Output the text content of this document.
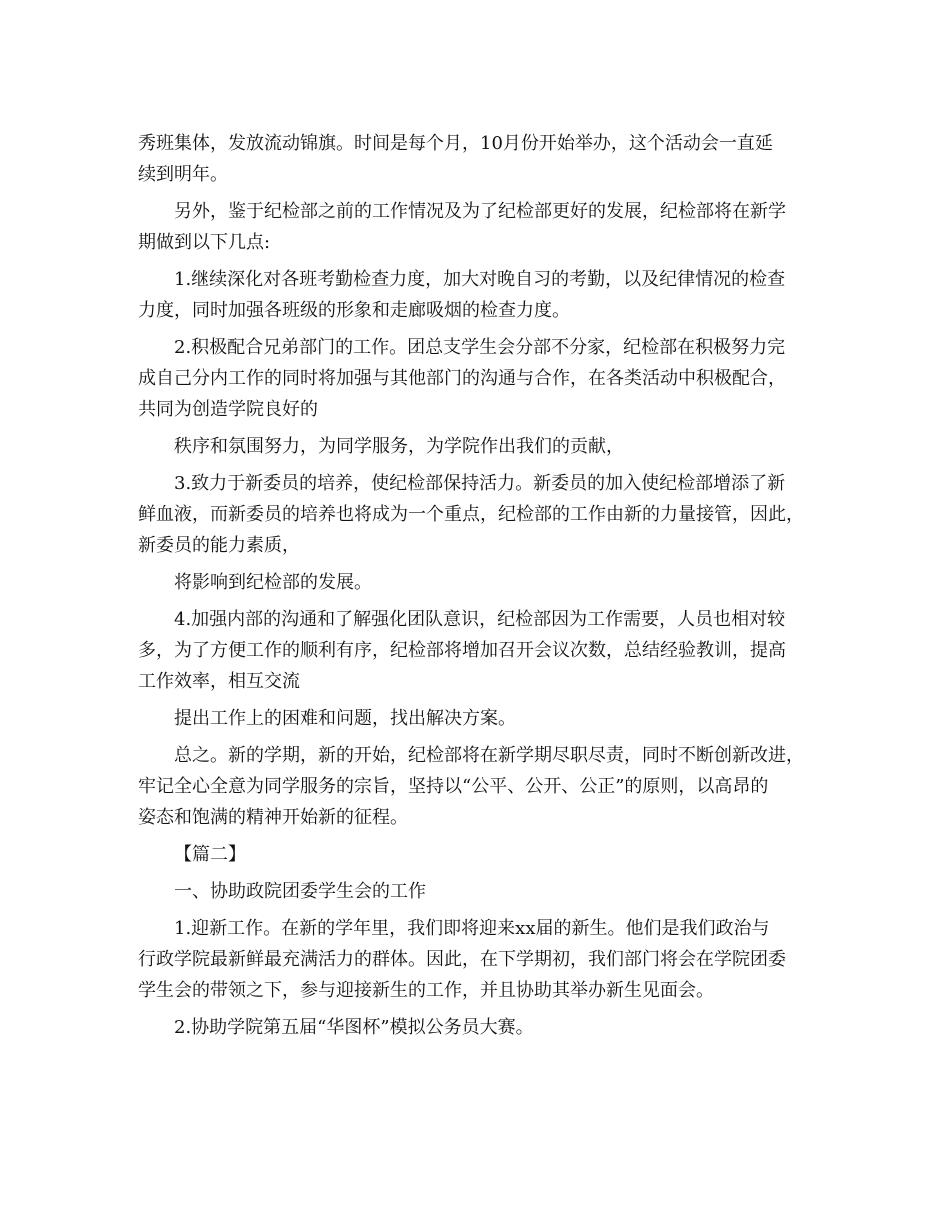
秀班集体，发放流动锦旗。时间是每个月，10月份开始举办，这个活动会一直延
续到明年。

另外，鉴于纪检部之前的工作情况及为了纪检部更好的发展，纪检部将在新学
期做到以下几点:

1.继续深化对各班考勤检查力度，加大对晚自习的考勤，以及纪律情况的检查
力度，同时加强各班级的形象和走廊吸烟的检查力度。

2.积极配合兄弟部门的工作。团总支学生会分部不分家，纪检部在积极努力完
成自己分内工作的同时将加强与其他部门的沟通与合作，在各类活动中积极配合，
共同为创造学院良好的

秩序和氛围努力，为同学服务，为学院作出我们的贡献，

3.致力于新委员的培养，使纪检部保持活力。新委员的加入使纪检部增添了新
鲜血液，而新委员的培养也将成为一个重点，纪检部的工作由新的力量接管，因此，
新委员的能力素质，

将影响到纪检部的发展。

4.加强内部的沟通和了解强化团队意识，纪检部因为工作需要，人员也相对较
多，为了方便工作的顺利有序，纪检部将增加召开会议次数，总结经验教训，提高
工作效率，相互交流

提出工作上的困难和问题，找出解决方案。

总之。新的学期，新的开始，纪检部将在新学期尽职尽责，同时不断创新改进，
牢记全心全意为同学服务的宗旨，坚持以“公平、公开、公正”的原则，以高昂的
姿态和饱满的精神开始新的征程。

【篇二】

一、协助政院团委学生会的工作

1.迎新工作。在新的学年里，我们即将迎来xx届的新生。他们是我们政治与
行政学院最新鲜最充满活力的群体。因此，在下学期初，我们部门将会在学院团委
学生会的带领之下，参与迎接新生的工作，并且协助其举办新生见面会。

2.协助学院第五届“华图杯”模拟公务员大赛。
